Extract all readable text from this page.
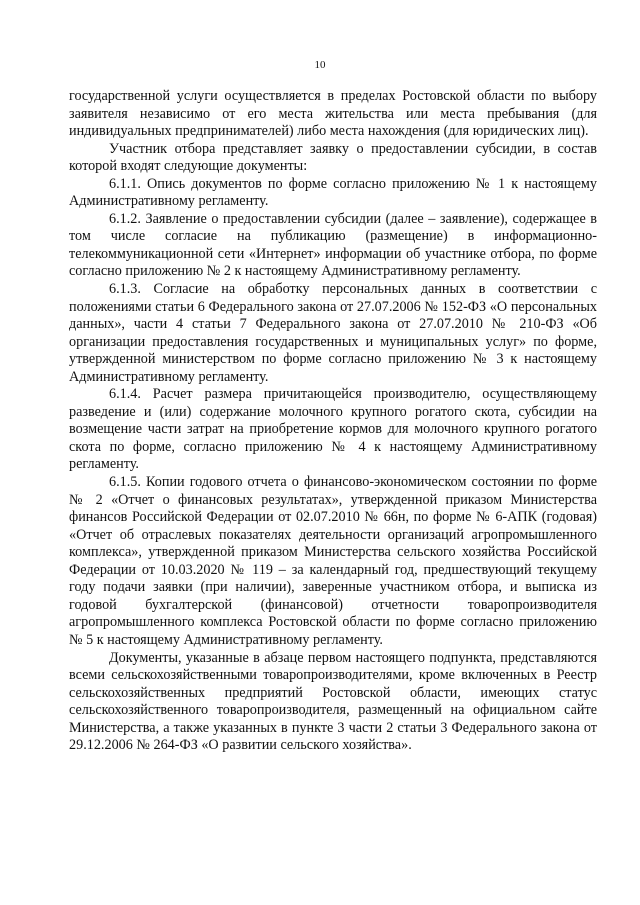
10

государственной услуги осуществляется в пределах Ростовской области по выбору заявителя независимо от его места жительства или места пребывания (для индивидуальных предпринимателей) либо места нахождения (для юридических лиц).

Участник отбора представляет заявку о предоставлении субсидии, в состав которой входят следующие документы:

6.1.1. Опись документов по форме согласно приложению № 1 к настоящему Административному регламенту.

6.1.2. Заявление о предоставлении субсидии (далее – заявление), содержащее в том числе согласие на публикацию (размещение) в информационно-телекоммуникационной сети «Интернет» информации об участнике отбора, по форме согласно приложению № 2 к настоящему Административному регламенту.

6.1.3. Согласие на обработку персональных данных в соответствии с положениями статьи 6 Федерального закона от 27.07.2006 № 152-ФЗ «О персональных данных», части 4 статьи 7 Федерального закона от 27.07.2010 № 210-ФЗ «Об организации предоставления государственных и муниципальных услуг» по форме, утвержденной министерством по форме согласно приложению № 3 к настоящему Административному регламенту.

6.1.4. Расчет размера причитающейся производителю, осуществляющему разведение и (или) содержание молочного крупного рогатого скота, субсидии на возмещение части затрат на приобретение кормов для молочного крупного рогатого скота по форме, согласно приложению № 4 к настоящему Административному регламенту.

6.1.5. Копии годового отчета о финансово-экономическом состоянии по форме № 2 «Отчет о финансовых результатах», утвержденной приказом Министерства финансов Российской Федерации от 02.07.2010 № 66н, по форме № 6-АПК (годовая) «Отчет об отраслевых показателях деятельности организаций агропромышленного комплекса», утвержденной приказом Министерства сельского хозяйства Российской Федерации от 10.03.2020 № 119 – за календарный год, предшествующий текущему году подачи заявки (при наличии), заверенные участником отбора, и выписка из годовой бухгалтерской (финансовой) отчетности товаропроизводителя агропромышленного комплекса Ростовской области по форме согласно приложению № 5 к настоящему Административному регламенту.

Документы, указанные в абзаце первом настоящего подпункта, представляются всеми сельскохозяйственными товаропроизводителями, кроме включенных в Реестр сельскохозяйственных предприятий Ростовской области, имеющих статус сельскохозяйственного товаропроизводителя, размещенный на официальном сайте Министерства, а также указанных в пункте 3 части 2 статьи 3 Федерального закона от 29.12.2006 № 264-ФЗ «О развитии сельского хозяйства».
